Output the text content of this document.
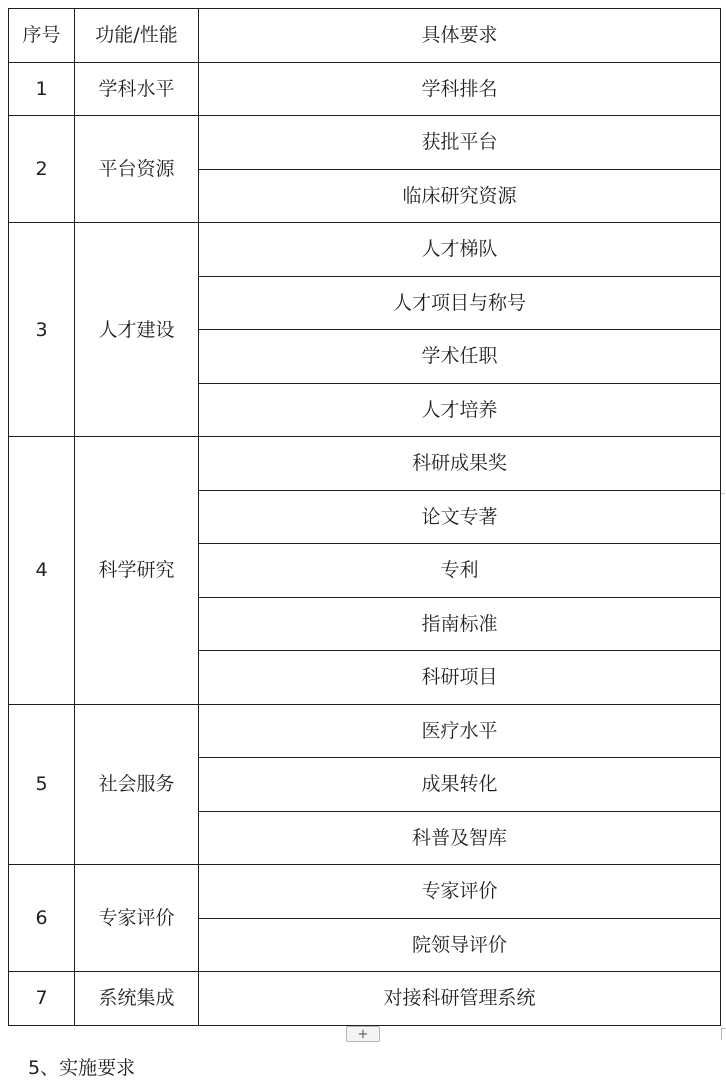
序号	功能/性能	具体要求
1	学科水平	学科排名
2	平台资源	获批平台
		临床研究资源
3	人才建设	人才梯队
		人才项目与称号
		学术任职
		人才培养
4	科学研究	科研成果奖
		论文专著
		专利
		指南标准
		科研项目
5	社会服务	医疗水平
		成果转化
		科普及智库
6	专家评价	专家评价
		院领导评价
7	系统集成	对接科研管理系统
+
5、实施要求
